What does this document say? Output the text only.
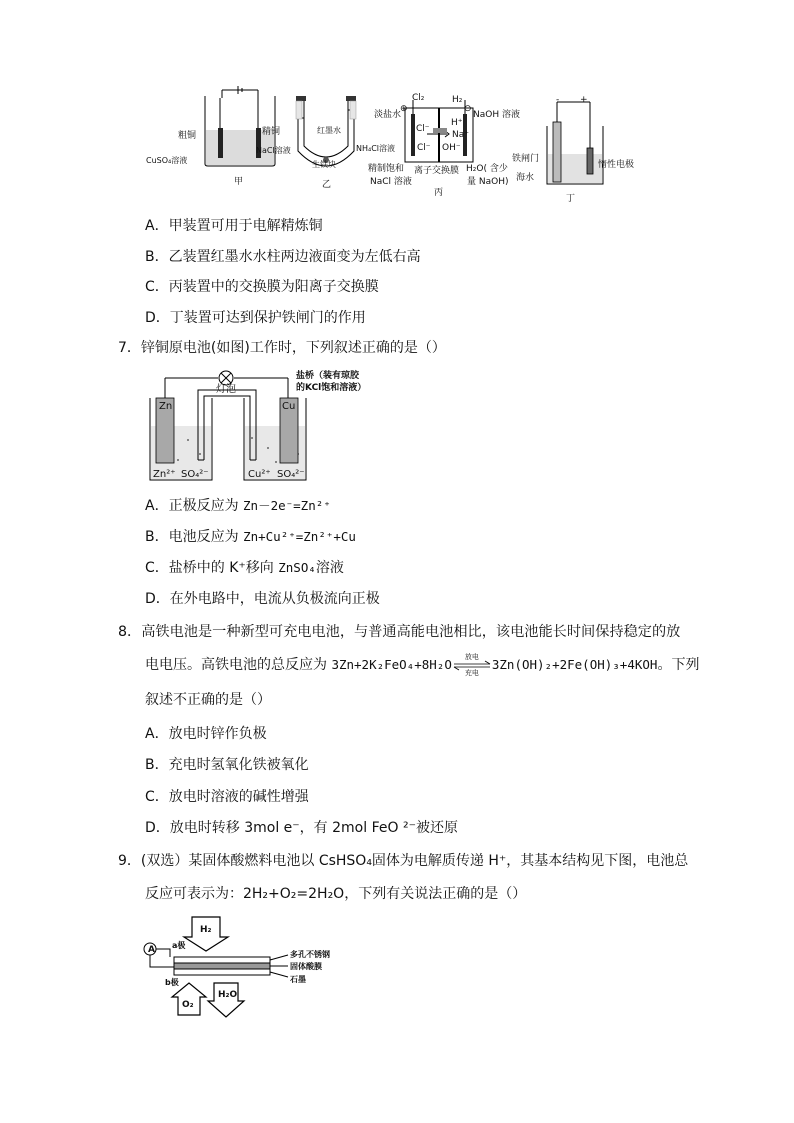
粗铜	精铜
CuSO₄溶液
甲
红墨水
NaCl溶液	NH₄Cl溶液
生铁块
乙
Cl₂	H₂
淡盐水
⊕	⊖
NaOH 溶液
H⁺
Cl⁻
Na⁺
Cl⁻ OH⁻
精制饱和
NaCl 溶液
离子交换膜 H₂O( 含少
量 NaOH)
丙
- +
铁闸门
惰性电极
海水
丁
A．甲装置可用于电解精炼铜
B．乙装置红墨水水柱两边液面变为左低右高
C．丙装置中的交换膜为阳离子交换膜
D．丁装置可达到保护铁闸门的作用
7．锌铜原电池(如图)工作时，下列叙述正确的是（）
灯泡
盐桥（装有琼胶
的KCl饱和溶液）
Zn	Cu
Zn²⁺ SO₄²⁻	Cu²⁺ SO₄²⁻
A．正极反应为 Zn－2e⁻=Zn²⁺
B．电池反应为 Zn+Cu²⁺=Zn²⁺+Cu
C．盐桥中的 K⁺移向 ZnSO₄溶液
D．在外电路中，电流从负极流向正极
8．高铁电池是一种新型可充电电池，与普通高能电池相比，该电池能长时间保持稳定的放
电电压。高铁电池的总反应为 3Zn+2K₂FeO₄+8H₂O	放电
充电
3Zn(OH)₂+2Fe(OH)₃+4KOH。下列
叙述不正确的是（）
A．放电时锌作负极
B．充电时氢氧化铁被氧化
C．放电时溶液的碱性增强
D．放电时转移 3mol e⁻，有 2mol FeO ²⁻被还原
9．(双选）某固体酸燃料电池以 CsHSO₄固体为电解质传递 H⁺，其基本结构见下图，电池总
反应可表示为：2H₂+O₂=2H₂O，下列有关说法正确的是（）
H₂
A a极
多孔不锈钢
固体酸膜
石墨
b极
O₂
H₂O
